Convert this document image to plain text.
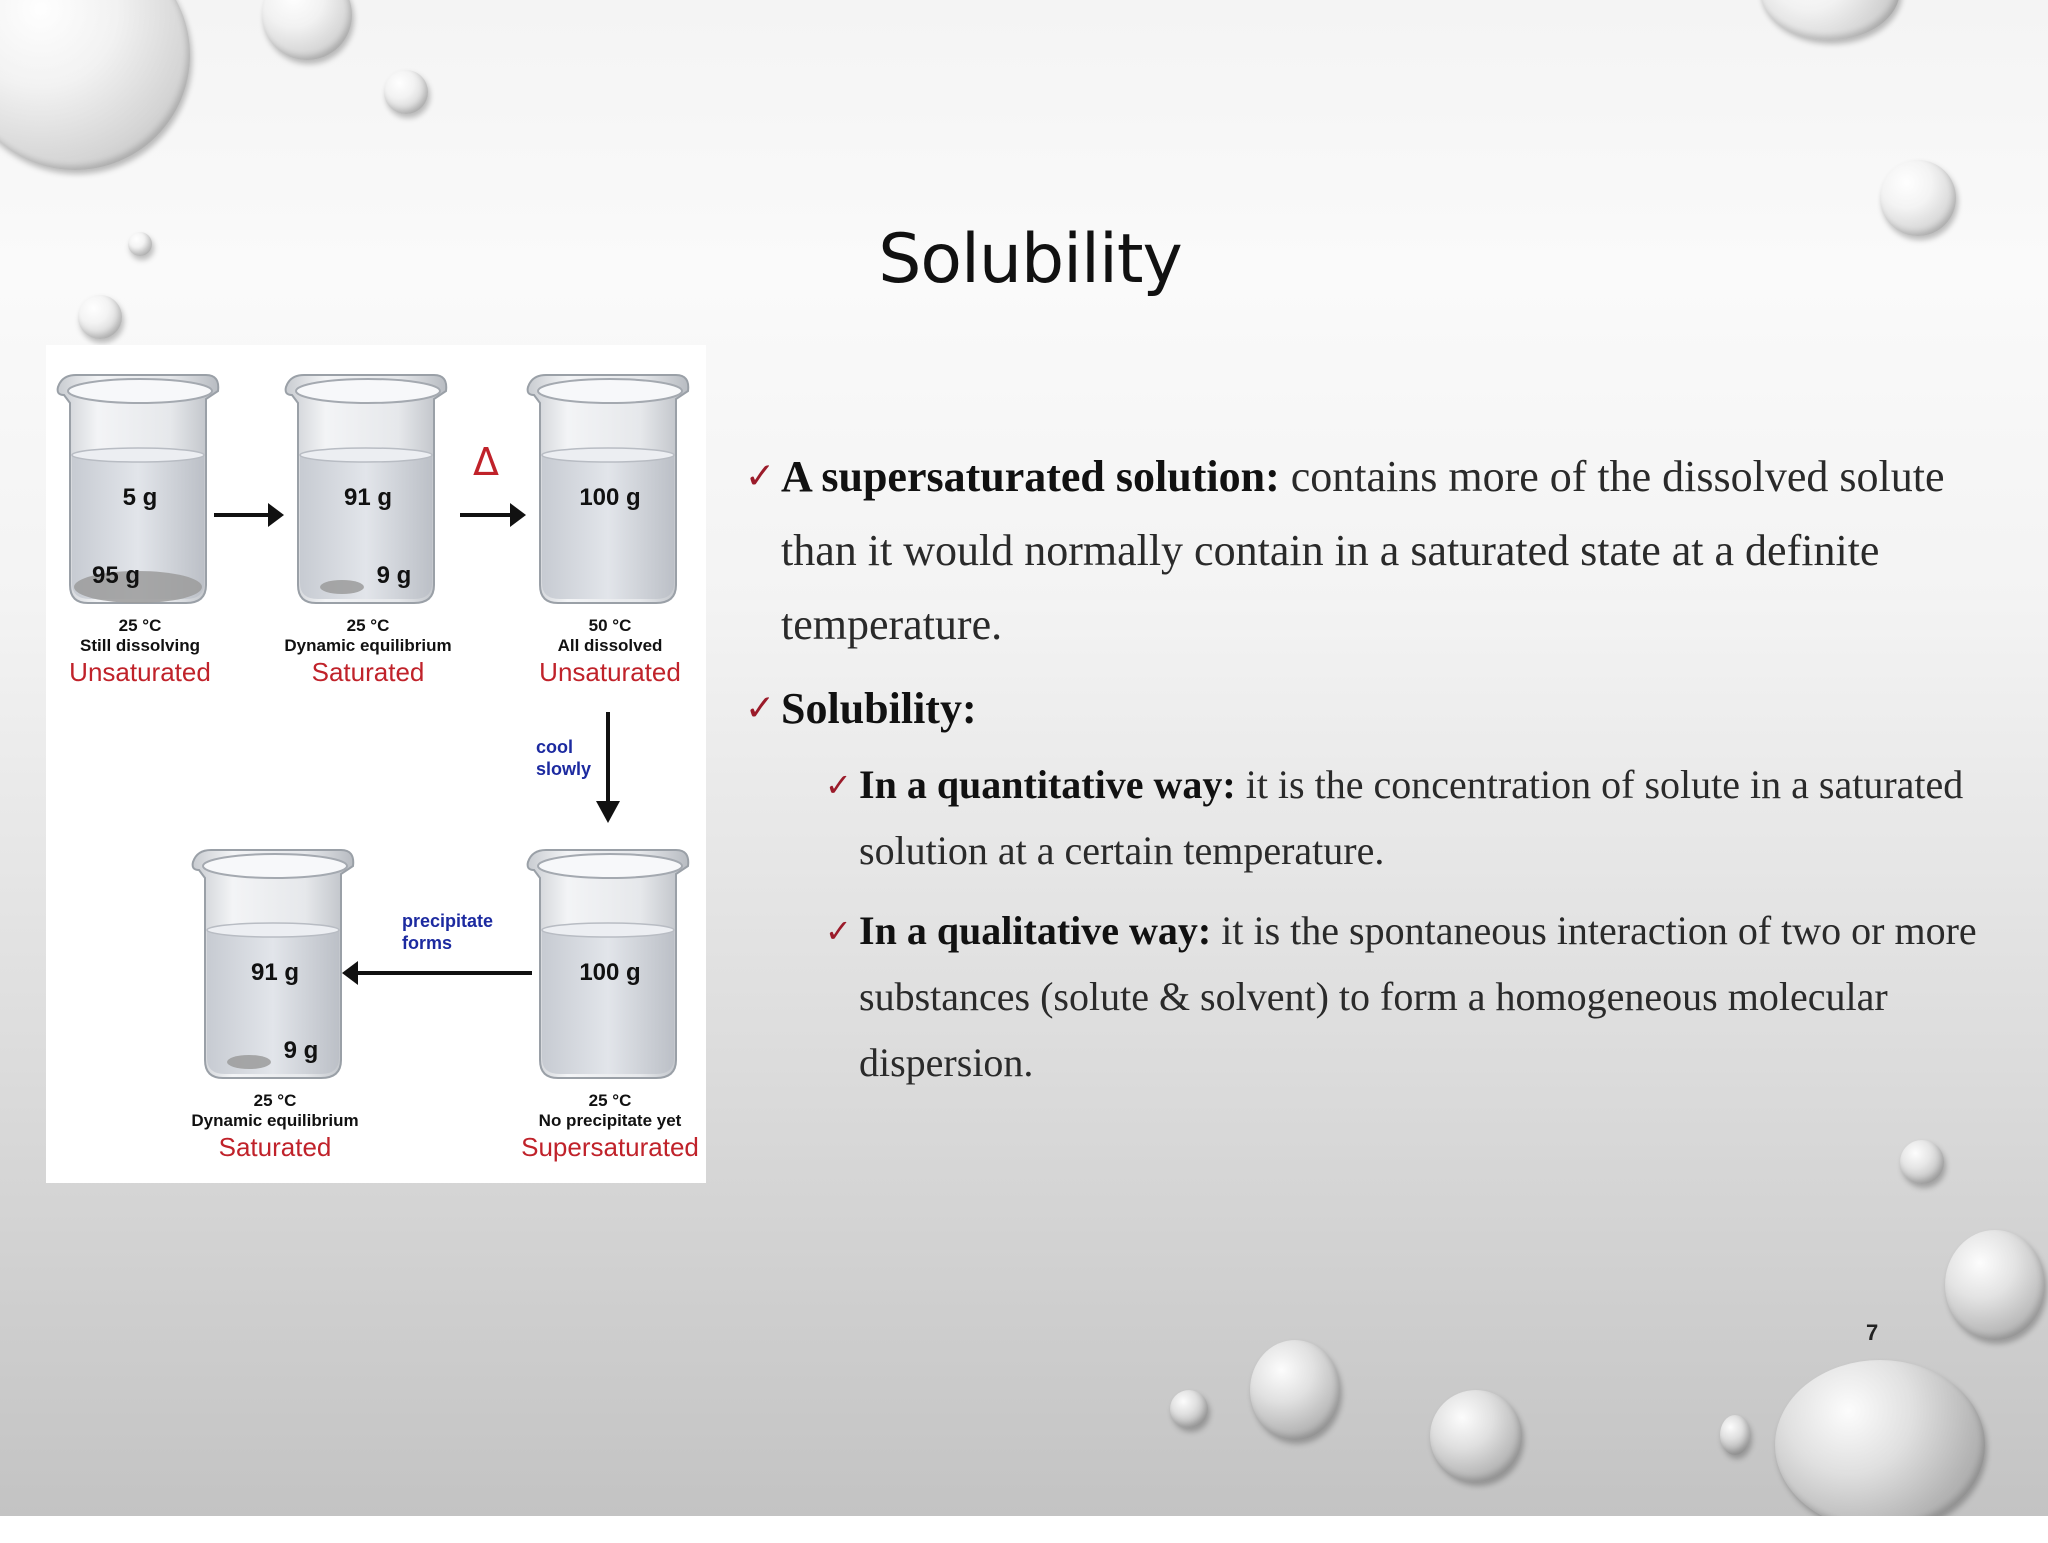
Solubility
5 g
95 g
25 °C
Still dissolving
Unsaturated
91 g
9 g
25 °C
Dynamic equilibrium
Saturated
100 g
50 °C
All dissolved
Unsaturated
91 g
9 g
25 °C
Dynamic equilibrium
Saturated
100 g
25 °C
No precipitate yet
Supersaturated
Δ
cool
slowly
precipitate
forms
✓ A supersaturated solution: contains more of the dissolved solute than it would normally contain in a saturated state at a definite temperature.
✓ Solubility:
✓ In a quantitative way: it is the concentration of solute in a saturated solution at a certain temperature.
✓ In a qualitative way: it is the spontaneous interaction of two or more substances (solute & solvent) to form a homogeneous molecular dispersion.
7
